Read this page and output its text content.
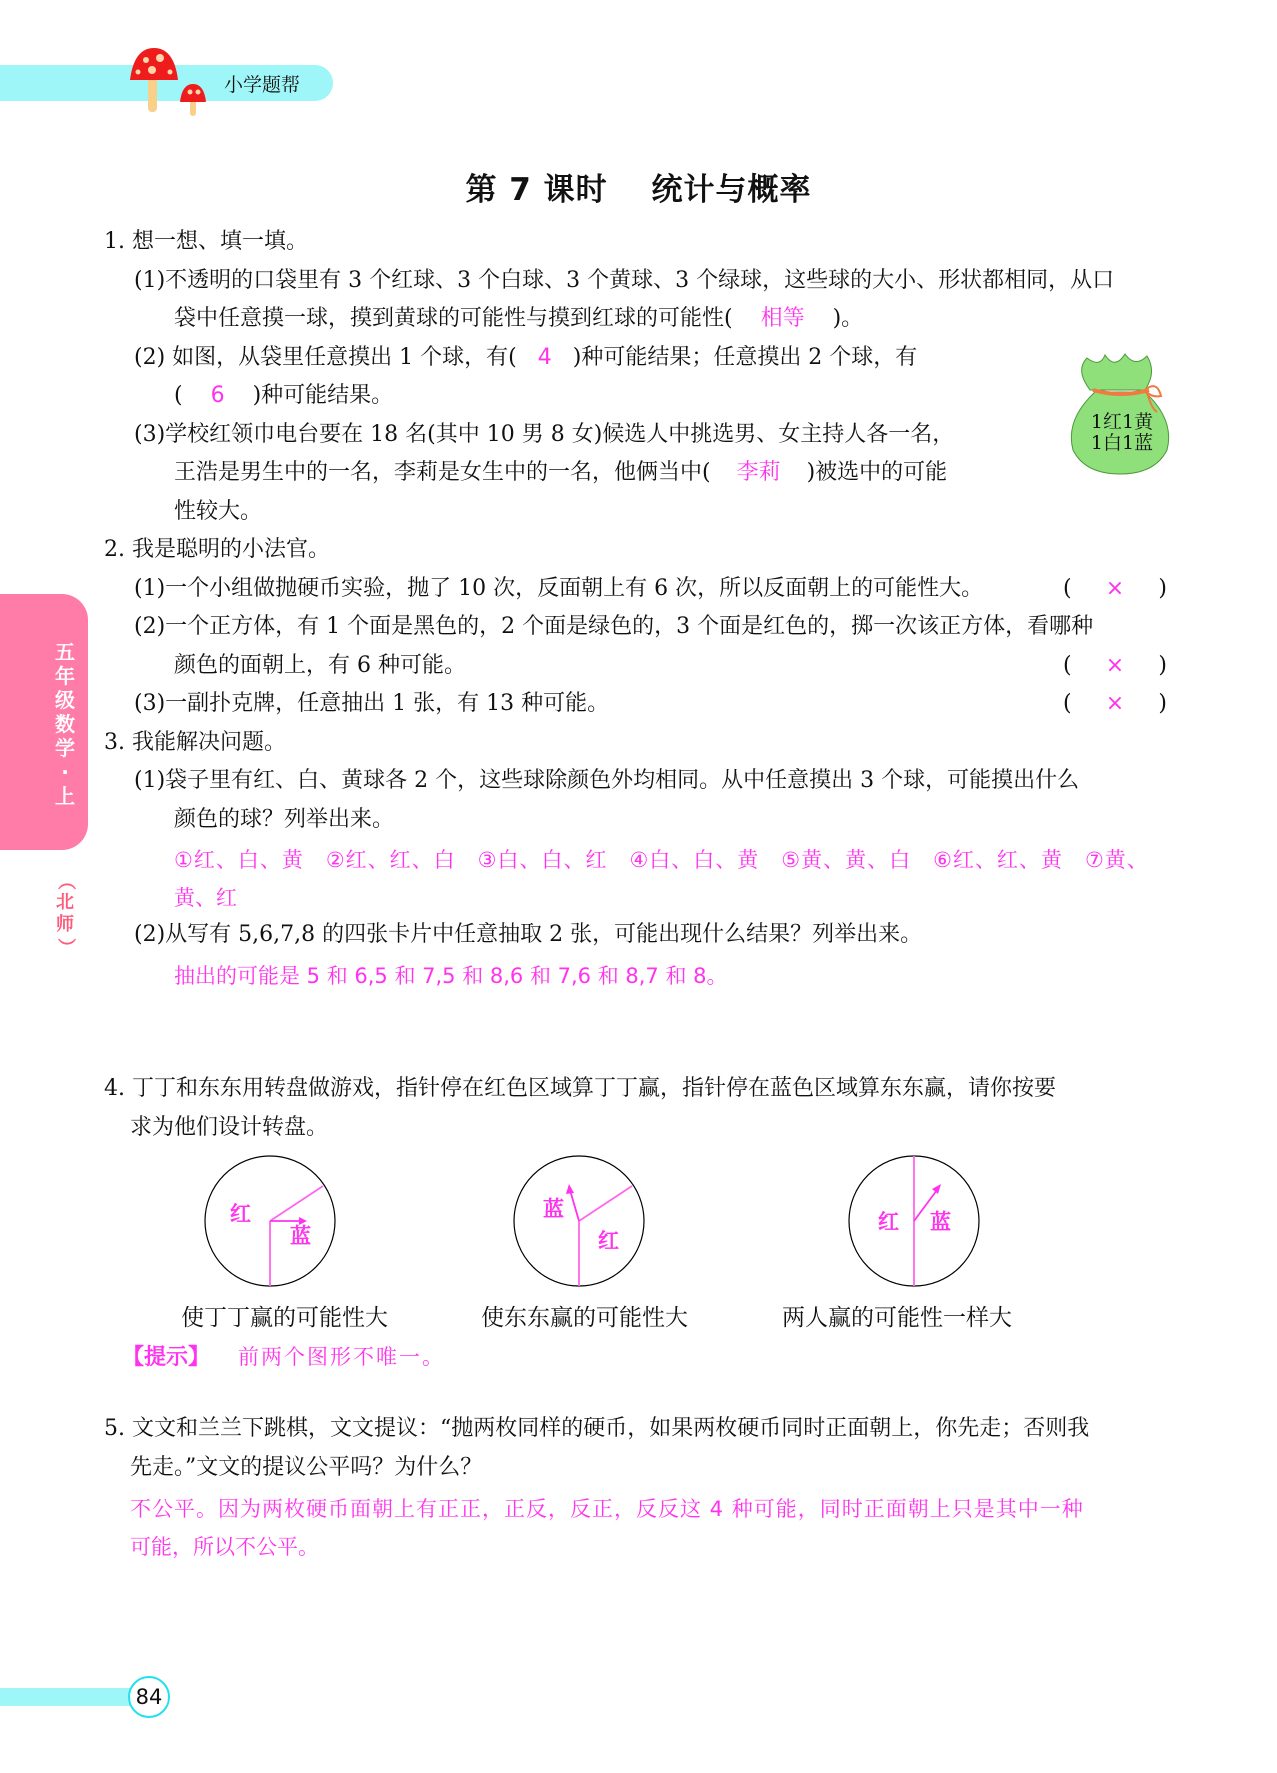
小学题帮
五
年
级
数
学
·
上
（
北
师
）
第 7 课时　 统计与概率
1. 想一想、填一填。
(1)不透明的口袋里有 3 个红球、3 个白球、3 个黄球、3 个绿球，这些球的大小、形状都相同，从口
袋中任意摸一球，摸到黄球的可能性与摸到红球的可能性( 相等 )。
(2) 如图，从袋里任意摸出 1 个球，有( 4 )种可能结果；任意摸出 2 个球，有
( 6 )种可能结果。
(3)学校红领巾电台要在 18 名(其中 10 男 8 女)候选人中挑选男、女主持人各一名，
王浩是男生中的一名，李莉是女生中的一名，他俩当中( 李莉 )被选中的可能
性较大。
1红1黄
1白1蓝
2. 我是聪明的小法官。
(1)一个小组做抛硬币实验，抛了 10 次，反面朝上有 6 次，所以反面朝上的可能性大。	( × )
(2)一个正方体，有 1 个面是黑色的，2 个面是绿色的，3 个面是红色的，掷一次该正方体，看哪种
颜色的面朝上，有 6 种可能。	( × )
(3)一副扑克牌，任意抽出 1 张，有 13 种可能。	( × )
3. 我能解决问题。
(1)袋子里有红、白、黄球各 2 个，这些球除颜色外均相同。从中任意摸出 3 个球，可能摸出什么
颜色的球？列举出来。
①红、白、黄　②红、红、白　③白、白、红　④白、白、黄　⑤黄、黄、白　⑥红、红、黄　⑦黄、
黄、红
(2)从写有 5,6,7,8 的四张卡片中任意抽取 2 张，可能出现什么结果？列举出来。
抽出的可能是 5 和 6,5 和 7,5 和 8,6 和 7,6 和 8,7 和 8。
4. 丁丁和东东用转盘做游戏，指针停在红色区域算丁丁赢，指针停在蓝色区域算东东赢，请你按要
求为他们设计转盘。
红
蓝
使丁丁赢的可能性大
蓝
红
使东东赢的可能性大
红 蓝
两人赢的可能性一样大
【提示】 前两个图形不唯一。
5. 文文和兰兰下跳棋，文文提议：“抛两枚同样的硬币，如果两枚硬币同时正面朝上，你先走；否则我
先走。”文文的提议公平吗？为什么？
不公平。因为两枚硬币面朝上有正正，正反，反正，反反这 4 种可能，同时正面朝上只是其中一种
可能，所以不公平。
84
